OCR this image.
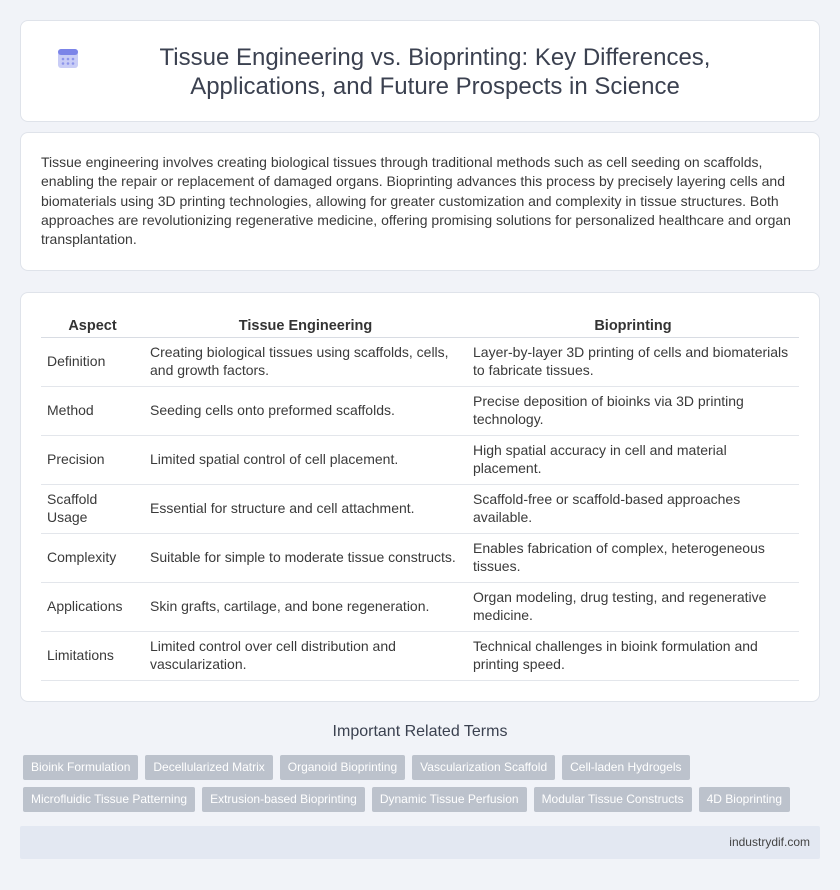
Tissue Engineering vs. Bioprinting: Key Differences, Applications, and Future Prospects in Science

Tissue engineering involves creating biological tissues through traditional methods such as cell seeding on scaffolds, enabling the repair or replacement of damaged organs. Bioprinting advances this process by precisely layering cells and biomaterials using 3D printing technologies, allowing for greater customization and complexity in tissue structures. Both approaches are revolutionizing regenerative medicine, offering promising solutions for personalized healthcare and organ transplantation.

Aspect	Tissue Engineering	Bioprinting
Definition	Creating biological tissues using scaffolds, cells, and growth factors.	Layer-by-layer 3D printing of cells and biomaterials to fabricate tissues.
Method	Seeding cells onto preformed scaffolds.	Precise deposition of bioinks via 3D printing technology.
Precision	Limited spatial control of cell placement.	High spatial accuracy in cell and material placement.
Scaffold Usage	Essential for structure and cell attachment.	Scaffold-free or scaffold-based approaches available.
Complexity	Suitable for simple to moderate tissue constructs.	Enables fabrication of complex, heterogeneous tissues.
Applications	Skin grafts, cartilage, and bone regeneration.	Organ modeling, drug testing, and regenerative medicine.
Limitations	Limited control over cell distribution and vascularization.	Technical challenges in bioink formulation and printing speed.
Important Related Terms
Bioink Formulation	Decellularized Matrix	Organoid Bioprinting	Vascularization Scaffold	Cell-laden Hydrogels
Microfluidic Tissue Patterning	Extrusion-based Bioprinting	Dynamic Tissue Perfusion	Modular Tissue Constructs	4D Bioprinting
industrydif.com
